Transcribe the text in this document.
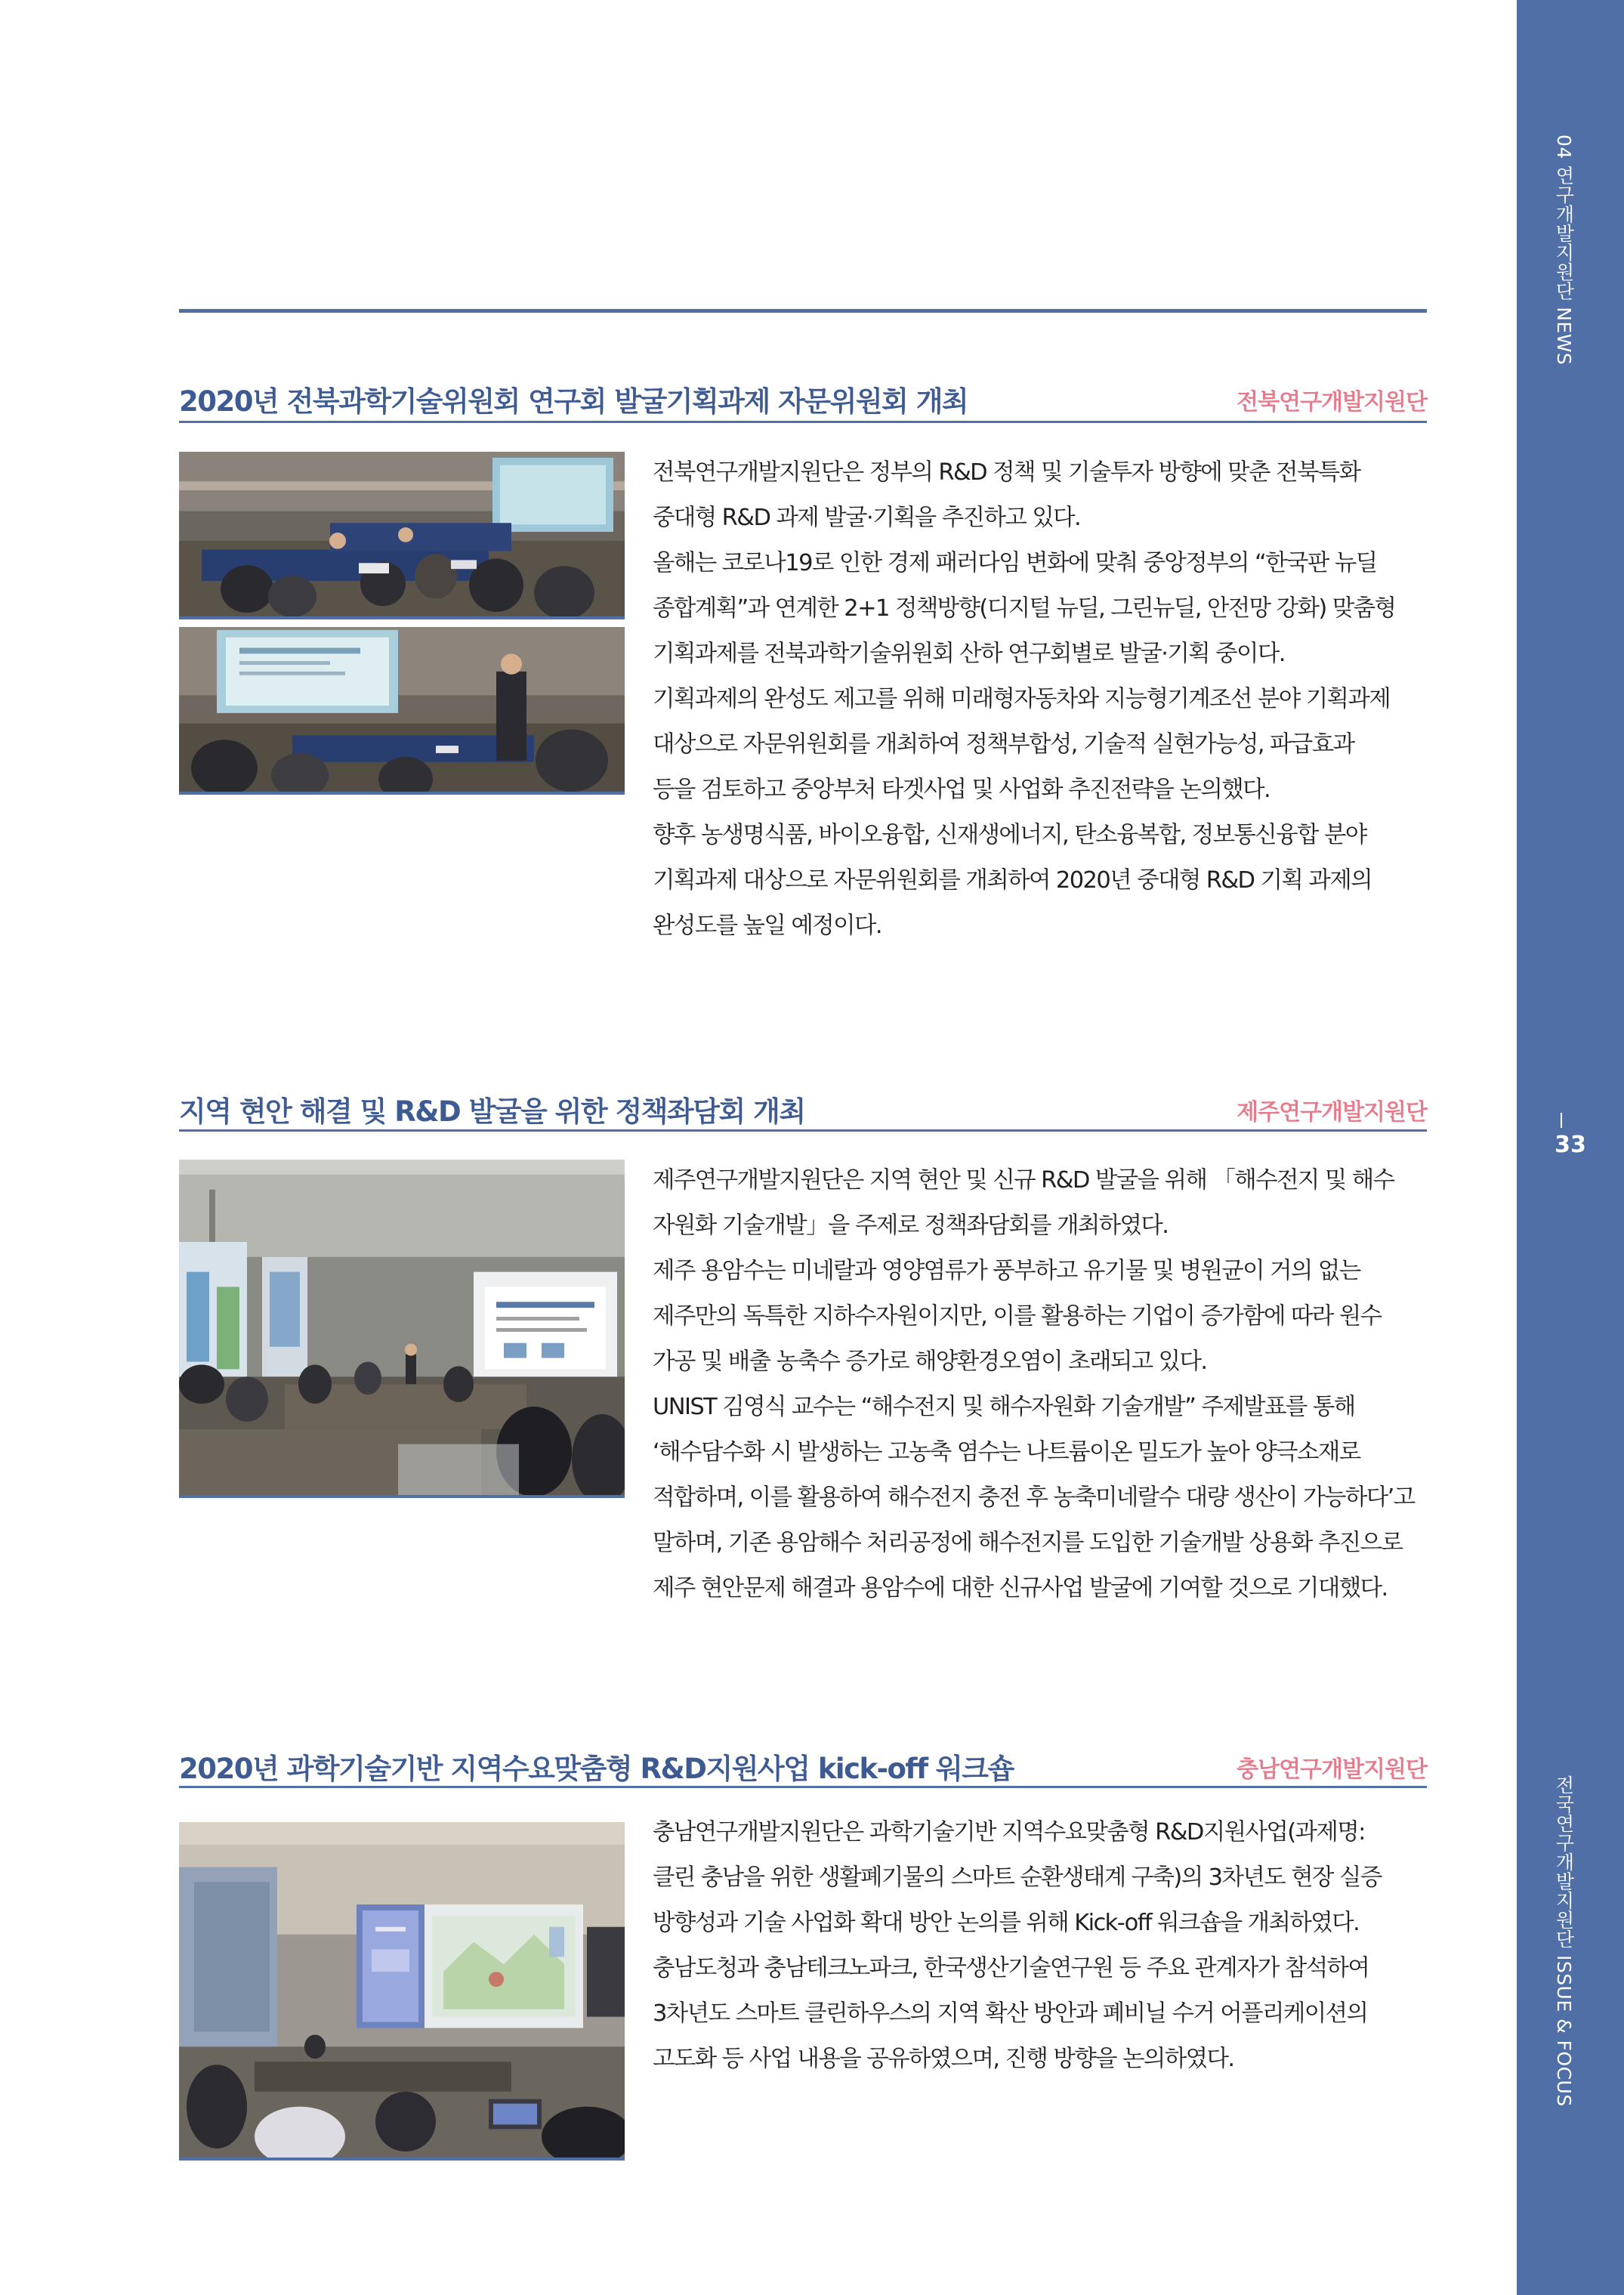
04 연구개발지원단 NEWS
33
전국연구개발지원단 ISSUE & FOCUS
2020년 전북과학기술위원회 연구회 발굴기획과제 자문위원회 개최	전북연구개발지원단
전북연구개발지원단은 정부의 R&D 정책 및 기술투자 방향에 맞춘 전북특화
중대형 R&D 과제 발굴·기획을 추진하고 있다.
올해는 코로나19로 인한 경제 패러다임 변화에 맞춰 중앙정부의 “한국판 뉴딜
종합계획”과 연계한 2+1 정책방향(디지털 뉴딜, 그린뉴딜, 안전망 강화) 맞춤형
기획과제를 전북과학기술위원회 산하 연구회별로 발굴·기획 중이다.
기획과제의 완성도 제고를 위해 미래형자동차와 지능형기계조선 분야 기획과제
대상으로 자문위원회를 개최하여 정책부합성, 기술적 실현가능성, 파급효과
등을 검토하고 중앙부처 타겟사업 및 사업화 추진전략을 논의했다.
향후 농생명식품, 바이오융합, 신재생에너지, 탄소융복합, 정보통신융합 분야
기획과제 대상으로 자문위원회를 개최하여 2020년 중대형 R&D 기획 과제의
완성도를 높일 예정이다.
지역 현안 해결 및 R&D 발굴을 위한 정책좌담회 개최	제주연구개발지원단
제주연구개발지원단은 지역 현안 및 신규 R&D 발굴을 위해 「해수전지 및 해수
자원화 기술개발」을 주제로 정책좌담회를 개최하였다.
제주 용암수는 미네랄과 영양염류가 풍부하고 유기물 및 병원균이 거의 없는
제주만의 독특한 지하수자원이지만, 이를 활용하는 기업이 증가함에 따라 원수
가공 및 배출 농축수 증가로 해양환경오염이 초래되고 있다.
UNIST 김영식 교수는 “해수전지 및 해수자원화 기술개발” 주제발표를 통해
‘해수담수화 시 발생하는 고농축 염수는 나트륨이온 밀도가 높아 양극소재로
적합하며, 이를 활용하여 해수전지 충전 후 농축미네랄수 대량 생산이 가능하다’고
말하며, 기존 용암해수 처리공정에 해수전지를 도입한 기술개발 상용화 추진으로
제주 현안문제 해결과 용암수에 대한 신규사업 발굴에 기여할 것으로 기대했다.
2020년 과학기술기반 지역수요맞춤형 R&D지원사업 kick-off 워크숍	충남연구개발지원단
충남연구개발지원단은 과학기술기반 지역수요맞춤형 R&D지원사업(과제명:
클린 충남을 위한 생활폐기물의 스마트 순환생태계 구축)의 3차년도 현장 실증
방향성과 기술 사업화 확대 방안 논의를 위해 Kick-off 워크숍을 개최하였다.
충남도청과 충남테크노파크, 한국생산기술연구원 등 주요 관계자가 참석하여
3차년도 스마트 클린하우스의 지역 확산 방안과 폐비닐 수거 어플리케이션의
고도화 등 사업 내용을 공유하였으며, 진행 방향을 논의하였다.
